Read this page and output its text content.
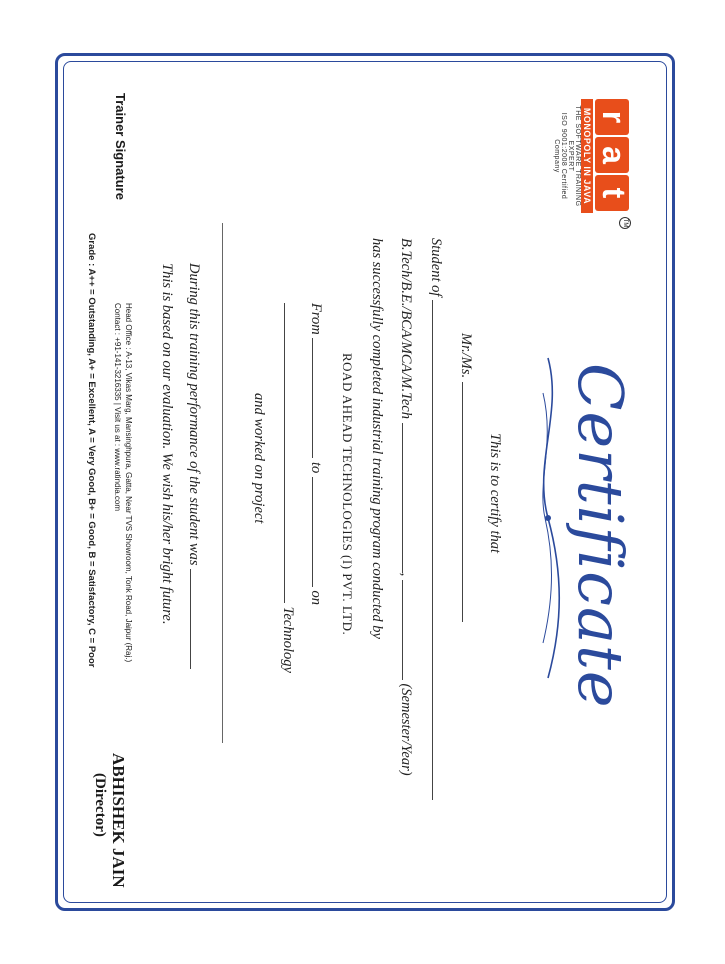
r
a
t
MONOPOLY IN JAVA
THE SOFTWARE TRAINING EXPERT
ISO 9001:2008 Certified Company
TM
Certificate
This is to certify that
Mr./Ms.
Student of
B.Tech/B.E./BCA/MCA/M.Tech ,  (Semester/Year)
has successfully completed industrial training program conducted by
ROAD AHEAD TECHNOLOGIES (I) PVT. LTD.
From  to  on
Technology
and worked on project
During this training performance of the student was
This is based on our evaluation. We wish his/her bright future.
Trainer Signature
ABHISHEK JAIN
(Director)
Head Office : A-13, Vikas Marg, Mansinghpura, Gatta, Near TVS Showroom, Tonk Road, Jaipur (Raj.)
Contact : +91-141-3216335 | Visit us at : www.ratindia.com
Grade : A++ = Outstanding, A+ = Excellent, A = Very Good, B+ = Good, B = Satisfactory, C = Poor
